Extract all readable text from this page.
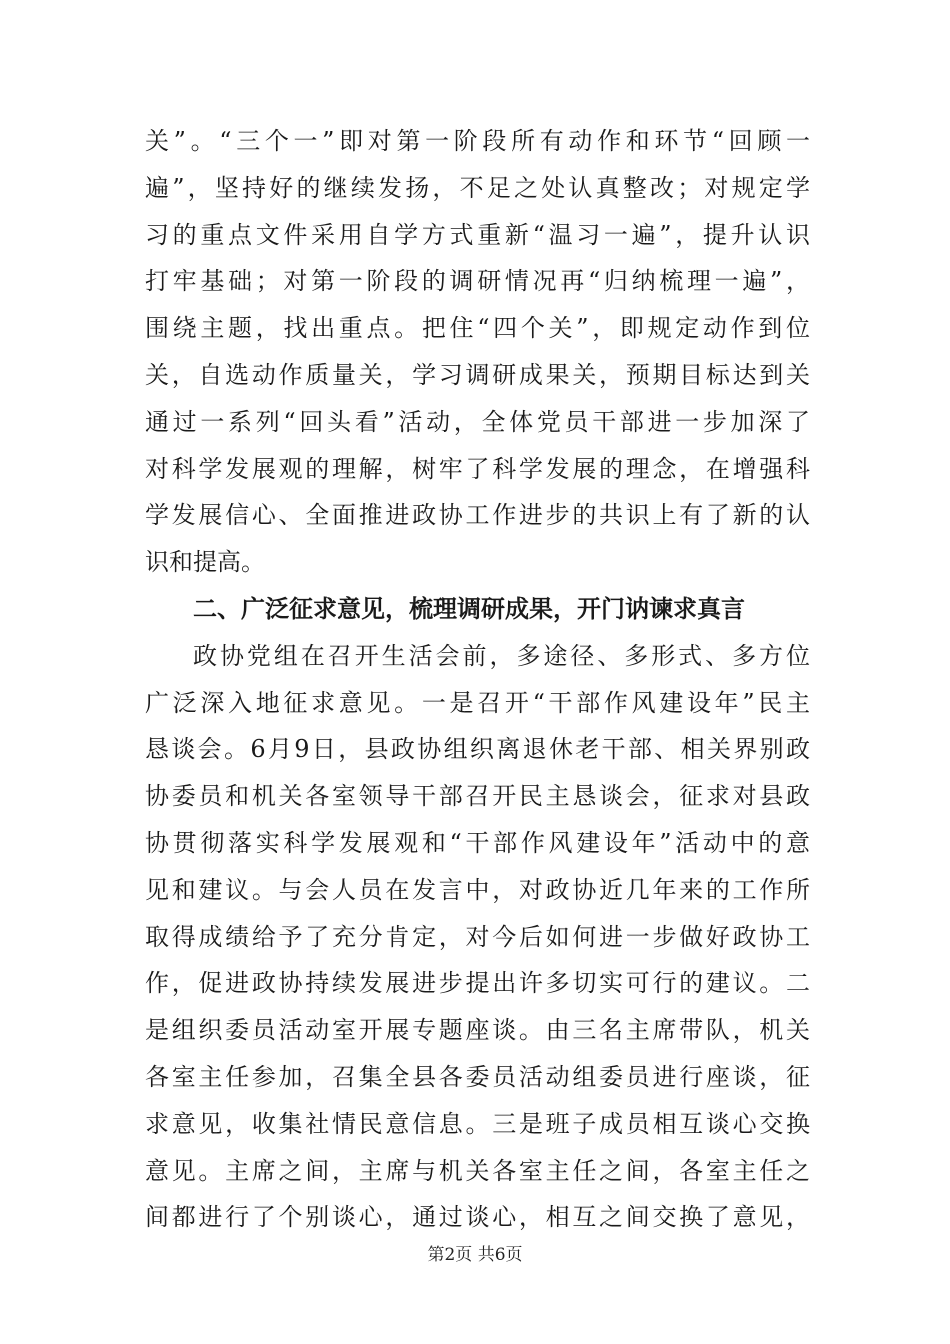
关”。“三个一”即对第一阶段所有动作和环节“回顾一
遍”，坚持好的继续发扬，不足之处认真整改；对规定学
习的重点文件采用自学方式重新“温习一遍”，提升认识
打牢基础；对第一阶段的调研情况再“归纳梳理一遍”，
围绕主题，找出重点。把住“四个关”，即规定动作到位
关，自选动作质量关，学习调研成果关，预期目标达到关
通过一系列“回头看”活动，全体党员干部进一步加深了
对科学发展观的理解，树牢了科学发展的理念，在增强科
学发展信心、全面推进政协工作进步的共识上有了新的认
识和提高。
二、广泛征求意见，梳理调研成果，开门讷谏求真言
政协党组在召开生活会前，多途径、多形式、多方位
广泛深入地征求意见。一是召开“干部作风建设年”民主
恳谈会。6月9日，县政协组织离退休老干部、相关界别政
协委员和机关各室领导干部召开民主恳谈会，征求对县政
协贯彻落实科学发展观和“干部作风建设年”活动中的意
见和建议。与会人员在发言中，对政协近几年来的工作所
取得成绩给予了充分肯定，对今后如何进一步做好政协工
作，促进政协持续发展进步提出许多切实可行的建议。二
是组织委员活动室开展专题座谈。由三名主席带队，机关
各室主任参加，召集全县各委员活动组委员进行座谈，征
求意见，收集社情民意信息。三是班子成员相互谈心交换
意见。主席之间，主席与机关各室主任之间，各室主任之
间都进行了个别谈心，通过谈心，相互之间交换了意见，
第2页 共6页
